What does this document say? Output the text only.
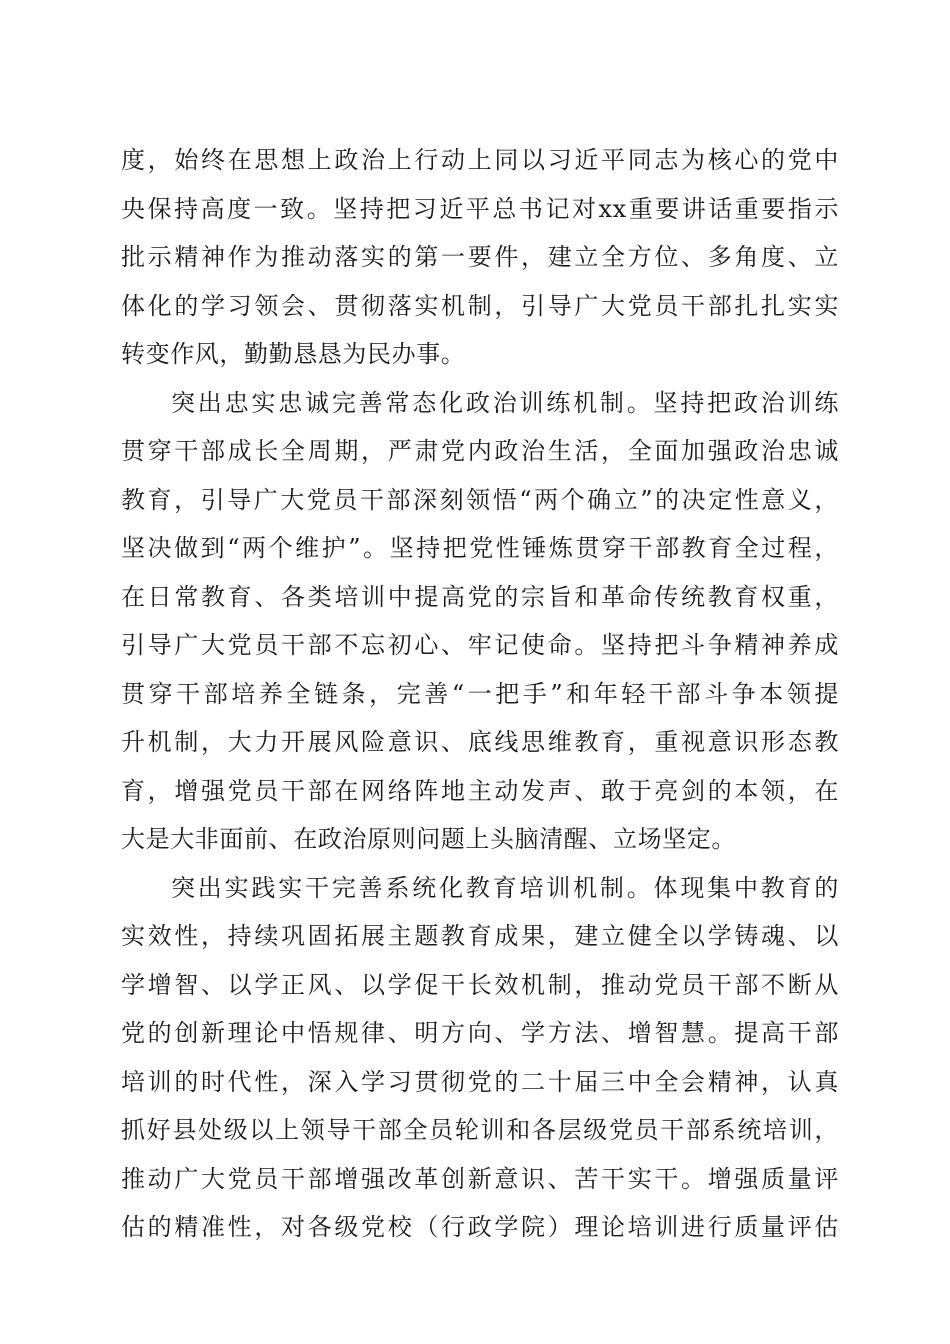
度，始终在思想上政治上行动上同以习近平同志为核心的党中
央保持高度一致。坚持把习近平总书记对xx重要讲话重要指示
批示精神作为推动落实的第一要件，建立全方位、多角度、立
体化的学习领会、贯彻落实机制，引导广大党员干部扎扎实实
转变作风，勤勤恳恳为民办事。
突出忠实忠诚完善常态化政治训练机制。坚持把政治训练
贯穿干部成长全周期，严肃党内政治生活，全面加强政治忠诚
教育，引导广大党员干部深刻领悟“两个确立”的决定性意义，
坚决做到“两个维护”。坚持把党性锤炼贯穿干部教育全过程，
在日常教育、各类培训中提高党的宗旨和革命传统教育权重，
引导广大党员干部不忘初心、牢记使命。坚持把斗争精神养成
贯穿干部培养全链条，完善“一把手”和年轻干部斗争本领提
升机制，大力开展风险意识、底线思维教育，重视意识形态教
育，增强党员干部在网络阵地主动发声、敢于亮剑的本领，在
大是大非面前、在政治原则问题上头脑清醒、立场坚定。
突出实践实干完善系统化教育培训机制。体现集中教育的
实效性，持续巩固拓展主题教育成果，建立健全以学铸魂、以
学增智、以学正风、以学促干长效机制，推动党员干部不断从
党的创新理论中悟规律、明方向、学方法、增智慧。提高干部
培训的时代性，深入学习贯彻党的二十届三中全会精神，认真
抓好县处级以上领导干部全员轮训和各层级党员干部系统培训，
推动广大党员干部增强改革创新意识、苦干实干。增强质量评
估的精准性，对各级党校（行政学院）理论培训进行质量评估
